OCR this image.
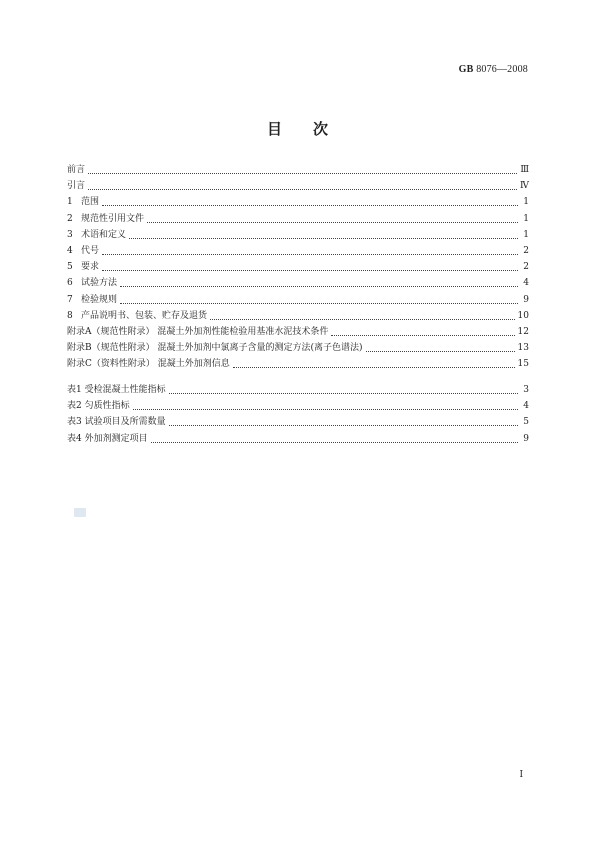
GB 8076—2008
目 次
前言	Ⅲ
引言	Ⅳ
1 范围	1
2 规范性引用文件	1
3 术语和定义	1
4 代号	2
5 要求	2
6 试验方法	4
7 检验规则	9
8 产品说明书、包装、贮存及退货	10
附录A（规范性附录） 混凝土外加剂性能检验用基准水泥技术条件	12
附录B（规范性附录） 混凝土外加剂中氯离子含量的测定方法(离子色谱法)	13
附录C（资料性附录） 混凝土外加剂信息	15
表1 受检混凝土性能指标	3
表2 匀质性指标	4
表3 试验项目及所需数量	5
表4 外加剂测定项目	9
Ⅰ
